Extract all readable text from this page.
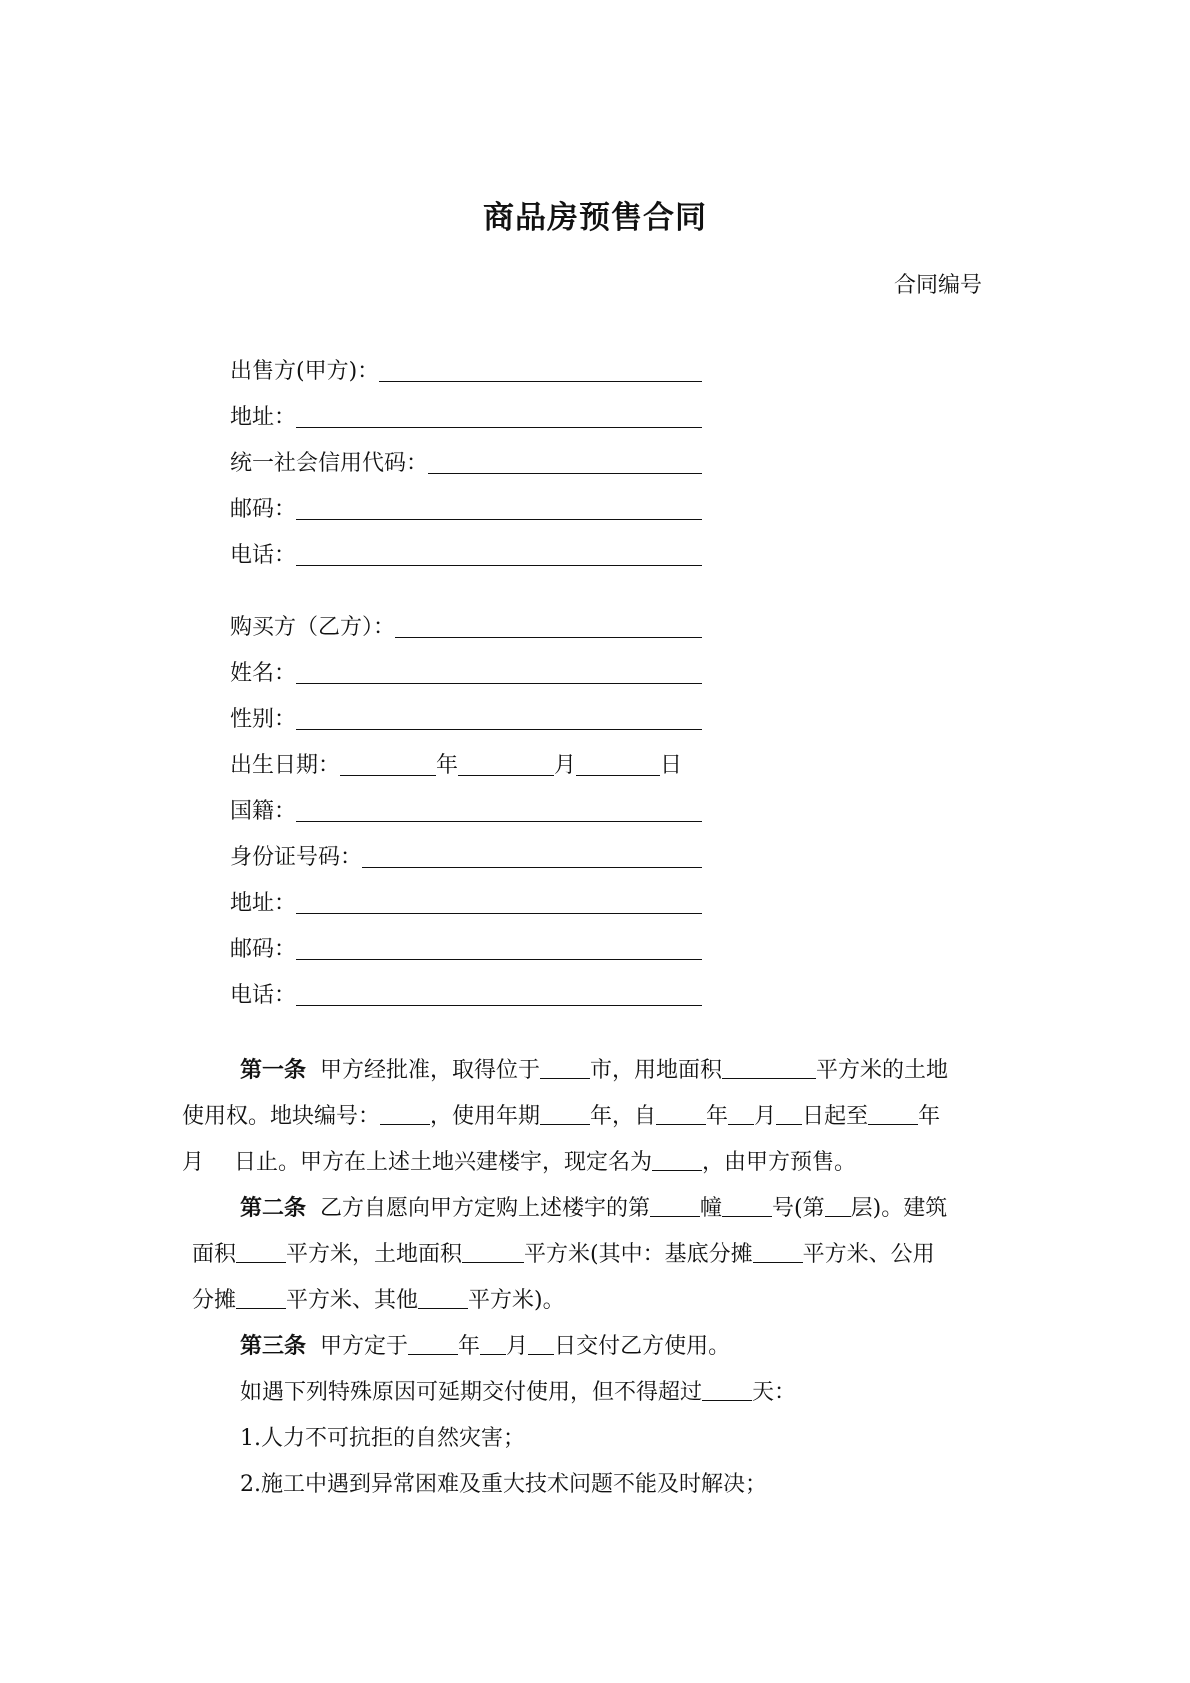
商品房预售合同
合同编号
出售方(甲方)：
地址：
统一社会信用代码：
邮码：
电话：
购买方（乙方）：
姓名：
性别：
出生日期：	年	月	日
国籍：
身份证号码：
地址：
邮码：
电话：
第一条 甲方经批准，取得位于 市，用地面积	平方米的土地
使用权。地块编号： ，使用年期 年，自 年 月 日起至 年
月 日止。甲方在上述土地兴建楼宇，现定名为 ，由甲方预售。
第二条 乙方自愿向甲方定购上述楼宇的第 幢 号(第 层)。建筑
面积 平方米，土地面积	平方米(其中：基底分摊 平方米、公用
分摊 平方米、其他 平方米)。
第三条 甲方定于 年 月 日交付乙方使用。
如遇下列特殊原因可延期交付使用，但不得超过 天：
1.人力不可抗拒的自然灾害；
2.施工中遇到异常困难及重大技术问题不能及时解决；
